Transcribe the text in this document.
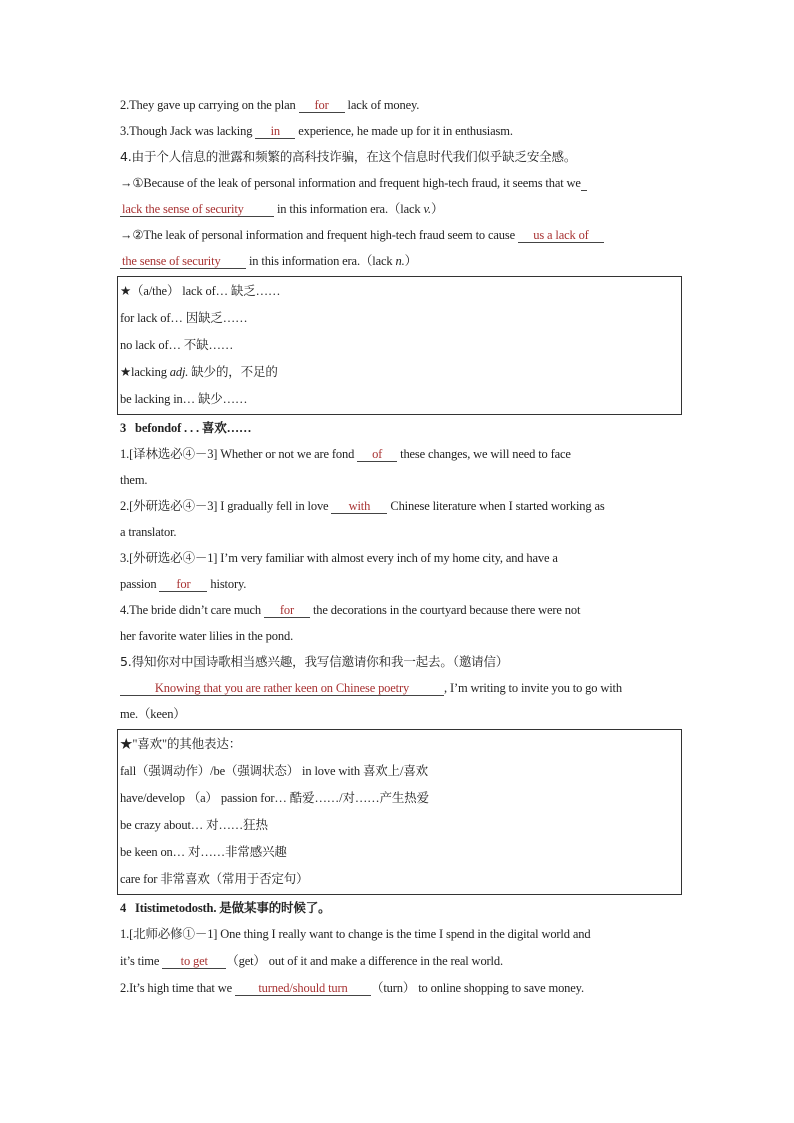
2.They gave up carrying on the plan for lack of money.
3.Though Jack was lacking in experience, he made up for it in enthusiasm.
4.由于个人信息的泄露和频繁的高科技诈骗，在这个信息时代我们似乎缺乏安全感。
→①Because of the leak of personal information and frequent high-tech fraud, it seems that we
lack the sense of security in this information era.（lack v.）
→②The leak of personal information and frequent high-tech fraud seem to cause us a lack of
the sense of security in this information era.（lack n.）
★（a/the） lack of… 缺乏……
for lack of… 因缺乏……
no lack of… 不缺……
★lacking adj. 缺少的，不足的
be lacking in… 缺少……
3 befondof . . . 喜欢……
1.[译林选必④－3] Whether or not we are fond of these changes, we will need to face
them.
2.[外研选必④－3] I gradually fell in love with Chinese literature when I started working as
a translator.
3.[外研选必④－1] I’m very familiar with almost every inch of my home city, and have a
passion for history.
4.The bride didn’t care much for the decorations in the courtyard because there were not
her favorite water lilies in the pond.
5.得知你对中国诗歌相当感兴趣，我写信邀请你和我一起去。（邀请信）
Knowing that you are rather keen on Chinese poetry	, I’m writing to invite you to go with
me.（keen）
★"喜欢"的其他表达：
fall（强调动作）/be（强调状态） in love with 喜欢上/喜欢
have/develop （a） passion for… 酷爱……/对……产生热爱
be crazy about… 对……狂热
be keen on… 对……非常感兴趣
care for 非常喜欢（常用于否定句）
4 Itistimetodosth. 是做某事的时候了。
1.[北师必修①－1] One thing I really want to change is the time I spend in the digital world and
it’s time to get （get） out of it and make a difference in the real world.
2.It’s high time that we turned/should turn （turn） to online shopping to save money.
